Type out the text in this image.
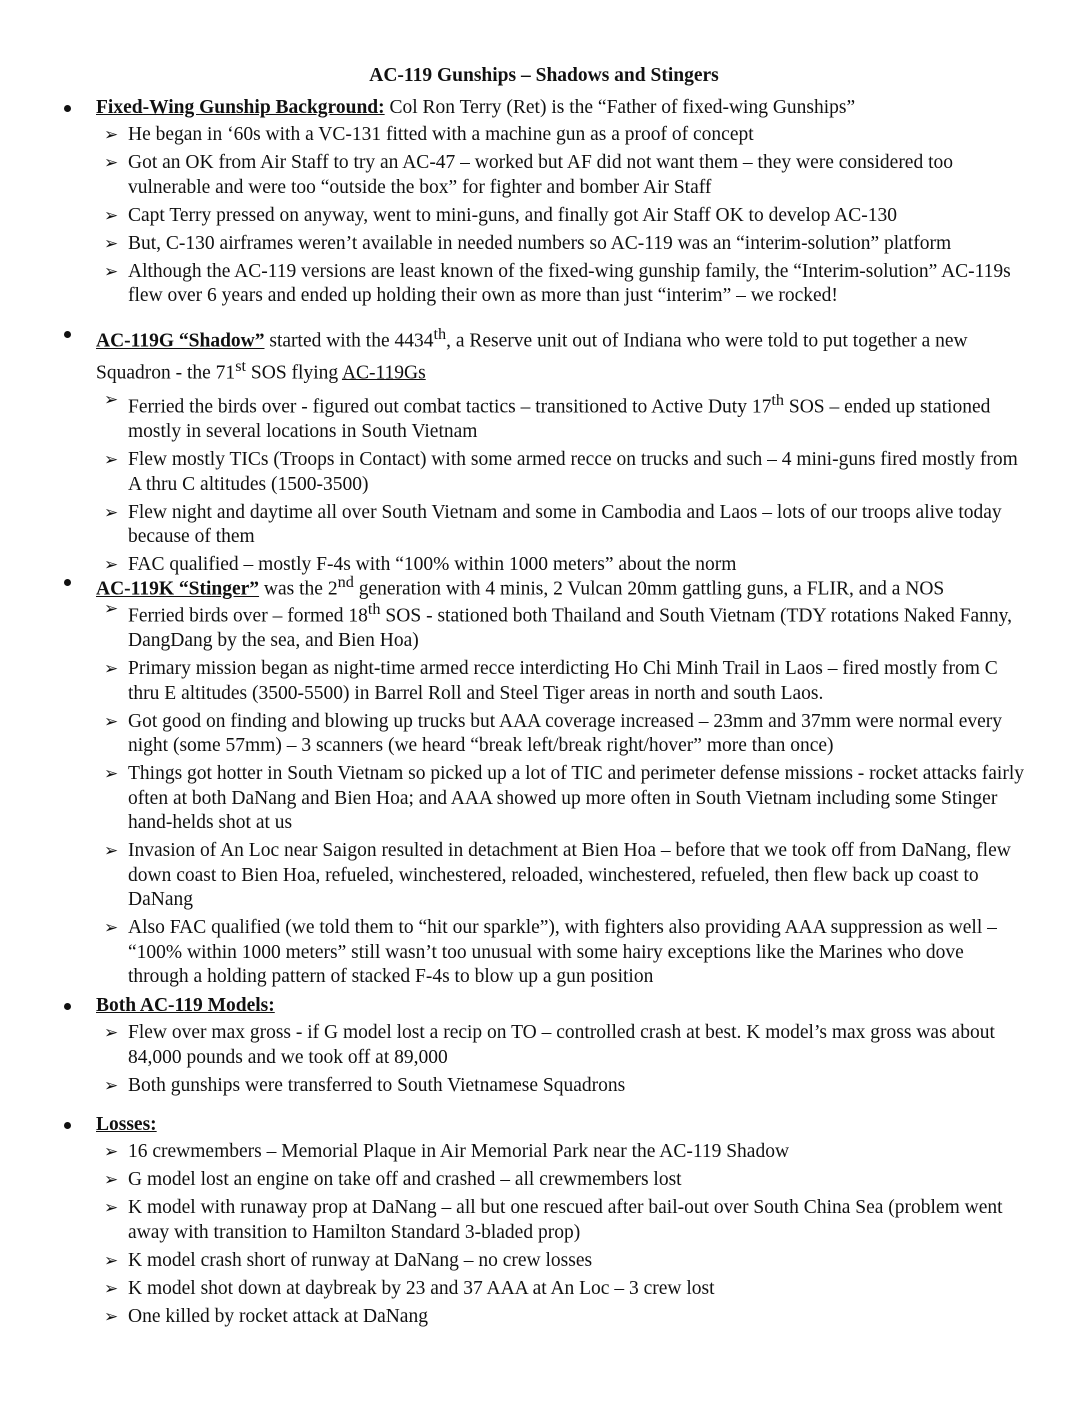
AC-119 Gunships – Shadows and Stingers
Fixed-Wing Gunship Background: Col Ron Terry (Ret) is the “Father of fixed-wing Gunships”
➢ He began in ‘60s with a VC-131 fitted with a machine gun as a proof of concept
➢ Got an OK from Air Staff to try an AC-47 – worked but AF did not want them – they were considered too vulnerable and were too “outside the box” for fighter and bomber Air Staff
➢ Capt Terry pressed on anyway, went to mini-guns, and finally got Air Staff OK to develop AC-130
➢ But, C-130 airframes weren’t available in needed numbers so AC-119 was an “interim-solution” platform
➢ Although the AC-119 versions are least known of the fixed-wing gunship family, the “Interim-solution” AC-119s flew over 6 years and ended up holding their own as more than just “interim” – we rocked!
AC-119G “Shadow” started with the 4434th, a Reserve unit out of Indiana who were told to put together a new Squadron - the 71st SOS flying AC-119Gs
➢ Ferried the birds over - figured out combat tactics – transitioned to Active Duty 17th SOS – ended up stationed mostly in several locations in South Vietnam
➢ Flew mostly TICs (Troops in Contact) with some armed recce on trucks and such – 4 mini-guns fired mostly from A thru C altitudes (1500-3500)
➢ Flew night and daytime all over South Vietnam and some in Cambodia and Laos – lots of our troops alive today because of them
➢ FAC qualified – mostly F-4s with “100% within 1000 meters” about the norm
AC-119K “Stinger” was the 2nd generation with 4 minis, 2 Vulcan 20mm gattling guns, a FLIR, and a NOS
➢ Ferried birds over – formed 18th SOS - stationed both Thailand and South Vietnam (TDY rotations Naked Fanny, DangDang by the sea, and Bien Hoa)
➢ Primary mission began as night-time armed recce interdicting Ho Chi Minh Trail in Laos – fired mostly from C thru E altitudes (3500-5500) in Barrel Roll and Steel Tiger areas in north and south Laos.
➢ Got good on finding and blowing up trucks but AAA coverage increased – 23mm and 37mm were normal every night (some 57mm) – 3 scanners (we heard “break left/break right/hover” more than once)
➢ Things got hotter in South Vietnam so picked up a lot of TIC and perimeter defense missions - rocket attacks fairly often at both DaNang and Bien Hoa; and AAA showed up more often in South Vietnam including some Stinger hand-helds shot at us
➢ Invasion of An Loc near Saigon resulted in detachment at Bien Hoa – before that we took off from DaNang, flew down coast to Bien Hoa, refueled, winchestered, reloaded, winchestered, refueled, then flew back up coast to DaNang
➢ Also FAC qualified (we told them to “hit our sparkle”), with fighters also providing AAA suppression as well – “100% within 1000 meters” still wasn’t too unusual with some hairy exceptions like the Marines who dove through a holding pattern of stacked F-4s to blow up a gun position
Both AC-119 Models:
➢ Flew over max gross - if G model lost a recip on TO – controlled crash at best. K model’s max gross was about 84,000 pounds and we took off at 89,000
➢ Both gunships were transferred to South Vietnamese Squadrons
Losses:
➢ 16 crewmembers – Memorial Plaque in Air Memorial Park near the AC-119 Shadow
➢ G model lost an engine on take off and crashed – all crewmembers lost
➢ K model with runaway prop at DaNang – all but one rescued after bail-out over South China Sea (problem went away with transition to Hamilton Standard 3-bladed prop)
➢ K model crash short of runway at DaNang – no crew losses
➢ K model shot down at daybreak by 23 and 37 AAA at An Loc – 3 crew lost
➢ One killed by rocket attack at DaNang
